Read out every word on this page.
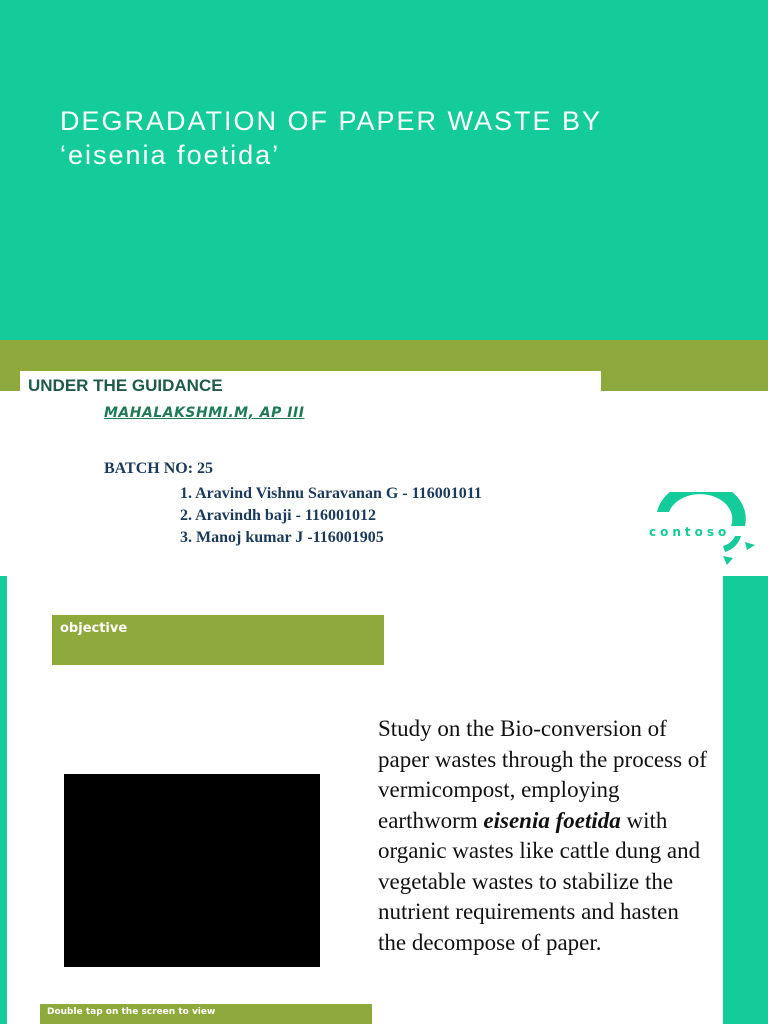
DEGRADATION OF PAPER WASTE BY
‘eisenia foetida’
UNDER THE GUIDANCE
MAHALAKSHMI.M, AP III
BATCH NO: 25
1. Aravind Vishnu Saravanan G - 116001011
2. Aravindh baji - 116001012
3. Manoj kumar J -116001905	contoso
objective
Study on the Bio-conversion of paper wastes through the process of vermicompost, employing earthworm eisenia foetida with organic wastes like cattle dung and vegetable wastes to stabilize the nutrient requirements and hasten the decompose of paper.
Double tap on the screen to view
